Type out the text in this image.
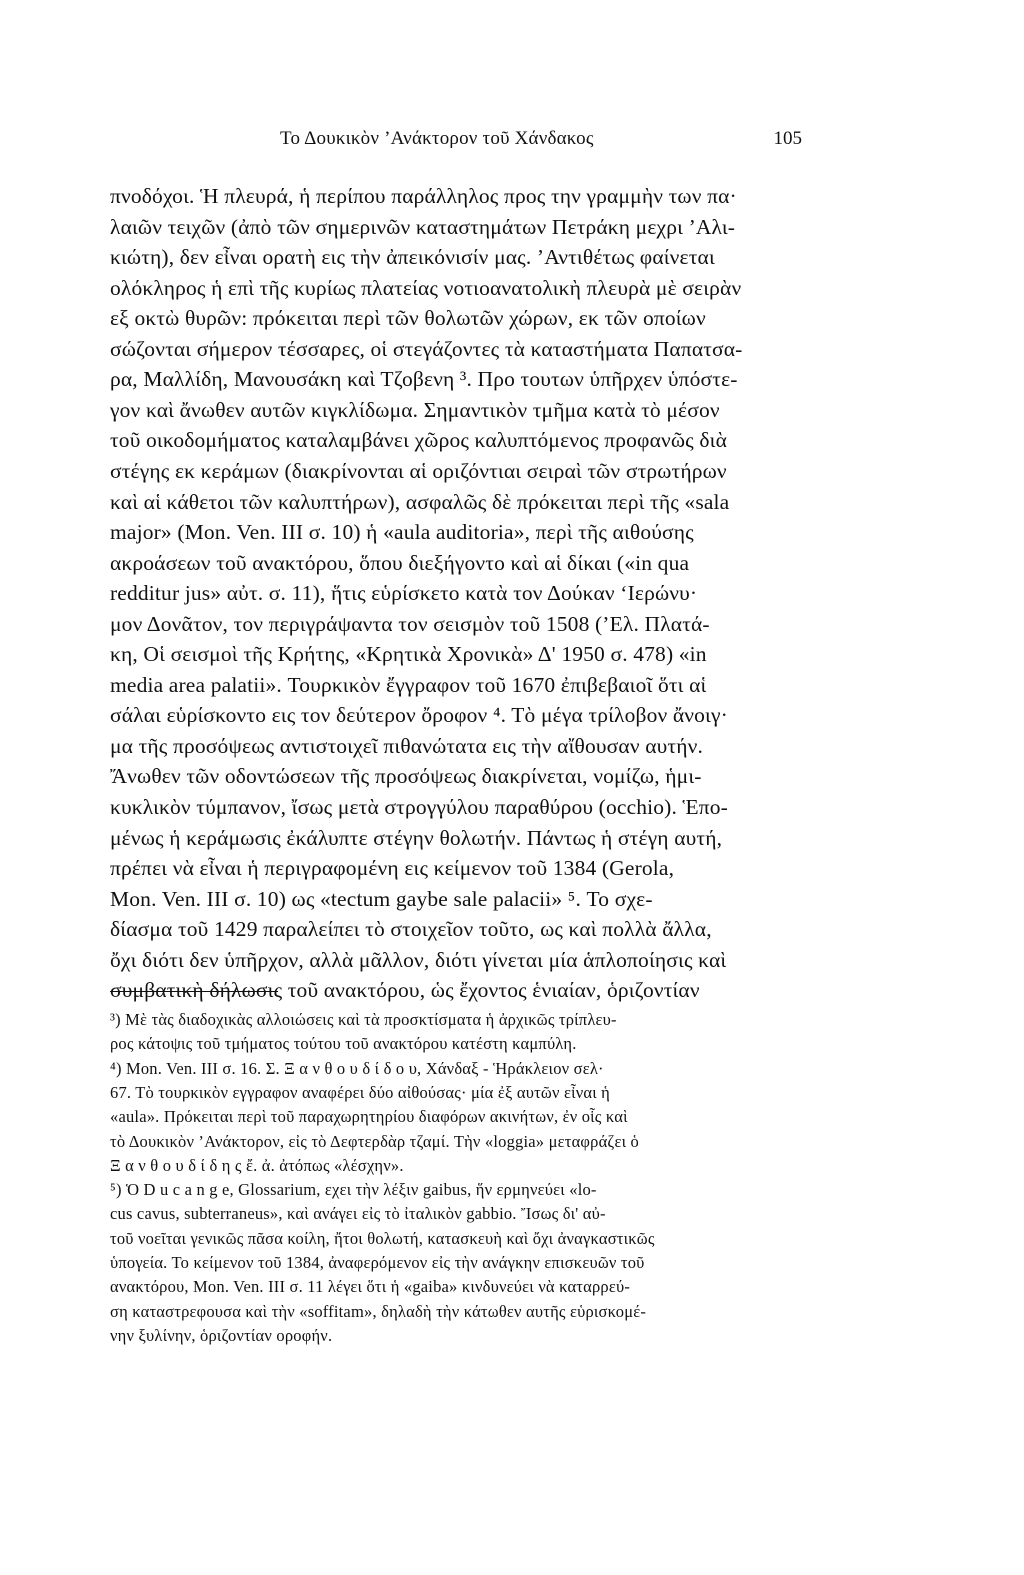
Το Δουκικὸν ’Ανάκτορον τοῦ Χάνδακος	105
πνοδόχοι. Ἡ πλευρά, ἡ περίπου παράλληλος προς την γραμμὴν των πα·
λαιῶν τειχῶν (ἀπὸ τῶν σημερινῶν καταστημάτων Πετράκη μεχρι ’Αλι-
κιώτη), δεν εἶναι ορατὴ εις τὴν ἀπεικόνισίν μας. ’Αντιθέτως φαίνεται
ολόκληρος ἡ επὶ τῆς κυρίως πλατείας νοτιοανατολικὴ πλευρὰ μὲ σειρὰν
εξ οκτὼ θυρῶν: πρόκειται περὶ τῶν θολωτῶν χώρων, εκ τῶν οποίων
σώζονται σήμερον τέσσαρες, οἱ στεγάζοντες τὰ καταστήματα Παπατσα-
ρα, Μαλλίδη, Μανουσάκη καὶ Τζοβενη ³. Προ τουτων ὑπῆρχεν ὑπόστε-
γον καὶ ἄνωθεν αυτῶν κιγκλίδωμα. Σημαντικὸν τμῆμα κατὰ τὸ μέσον
τοῦ οικοδομήματος καταλαμβάνει χῶρος καλυπτόμενος προφανῶς διὰ
στέγης εκ κεράμων (διακρίνονται αἱ οριζόντιαι σειραὶ τῶν στρωτήρων
καὶ αἱ κάθετοι τῶν καλυπτήρων), ασφαλῶς δὲ πρόκειται περὶ τῆς «sala
major» (Mon. Ven. III σ. 10) ἡ «aula auditoria», περὶ τῆς αιθούσης
ακροάσεων τοῦ ανακτόρου, ὅπου διεξήγοντο καὶ αἱ δίκαι («in qua
redditur jus» αὐτ. σ. 11), ἥτις εὑρίσκετο κατὰ τον Δούκαν ‘Ιερώνυ·
μον Δονᾶτον, τον περιγράψαντα τον σεισμὸν τοῦ 1508 (’Ελ. Πλατά-
κη, Οἱ σεισμοὶ τῆς Κρήτης, «Κρητικὰ Χρονικὰ» Δ' 1950 σ. 478) «in
media area palatii». Τουρκικὸν ἔγγραφον τοῦ 1670 ἐπιβεβαιοῖ ὅτι αἱ
σάλαι εὑρίσκοντο εις τον δεύτερον ὄροφον ⁴. Τὸ μέγα τρίλοβον ἄνοιγ·
μα τῆς προσόψεως αντιστοιχεῖ πιθανώτατα εις τὴν αἴθουσαν αυτήν.
Ἄνωθεν τῶν οδοντώσεων τῆς προσόψεως διακρίνεται, νομίζω, ἡμι-
κυκλικὸν τύμπανον, ἴσως μετὰ στρογγύλου παραθύρου (occhio). Ἑπο-
μένως ἡ κεράμωσις ἐκάλυπτε στέγην θολωτήν. Πάντως ἡ στέγη αυτή,
πρέπει νὰ εἶναι ἡ περιγραφομένη εις κείμενον τοῦ 1384 (Gerola,
Mon. Ven. III σ. 10) ως «tectum gaybe sale palacii» ⁵. Το σχε-
δίασμα τοῦ 1429 παραλείπει τὸ στοιχεῖον τοῦτο, ως καὶ πολλὰ ἄλλα,
ὄχι διότι δεν ὑπῆρχον, αλλὰ μᾶλλον, διότι γίνεται μία ἁπλοποίησις καὶ
συμβατικὴ δήλωσις τοῦ ανακτόρου, ὡς ἔχοντος ἑνιαίαν, ὁριζοντίαν
³) Μὲ τὰς διαδοχικὰς αλλοιώσεις καὶ τὰ προσκτίσματα ἡ ἀρχικῶς τρίπλευ-
ρος κάτοψις τοῦ τμήματος τούτου τοῦ ανακτόρου κατέστη καμπύλη.
⁴) Mon. Ven. III σ. 16. Σ. Ξ α ν θ ο υ δ ί δ ο υ, Χάνδαξ - Ἡράκλειον σελ·
67. Τὸ τουρκικὸν εγγραφον αναφέρει δύο αἰθούσας· μία ἐξ αυτῶν εἶναι ἡ
«aula». Πρόκειται περὶ τοῦ παραχωρητηρίου διαφόρων ακινήτων, ἐν οἷς καὶ
τὸ Δουκικὸν ’Ανάκτορον, εἰς τὸ Δεφτερδὰρ τζαμί. Τὴν «loggia» μεταφράζει ὁ
Ξ α ν θ ο υ δ ί δ η ς ἔ. ἀ. ἀτόπως «λέσχην».
⁵) Ὁ D u c a n g e, Glossarium, εχει τὴν λέξιν gaibus, ἥν ερμηνεύει «lo-
cus cavus, subterraneus», καὶ ανάγει εἰς τὸ ἰταλικὸν gabbio. Ἴσως δι' αὐ-
τοῦ νοεῖται γενικῶς πᾶσα κοίλη, ἤτοι θολωτή, κατασκευὴ καὶ ὄχι ἀναγκαστικῶς
ὑπογεία. Το κείμενον τοῦ 1384, ἀναφερόμενον εἰς τὴν ανάγκην επισκευῶν τοῦ
ανακτόρου, Mon. Ven. III σ. 11 λέγει ὅτι ἡ «gaiba» κινδυνεύει νὰ καταρρεύ-
ση καταστρεφουσα καὶ τὴν «soffitam», δηλαδὴ τὴν κάτωθεν αυτῆς εὑρισκομέ-
νην ξυλίνην, ὁριζοντίαν οροφήν.
